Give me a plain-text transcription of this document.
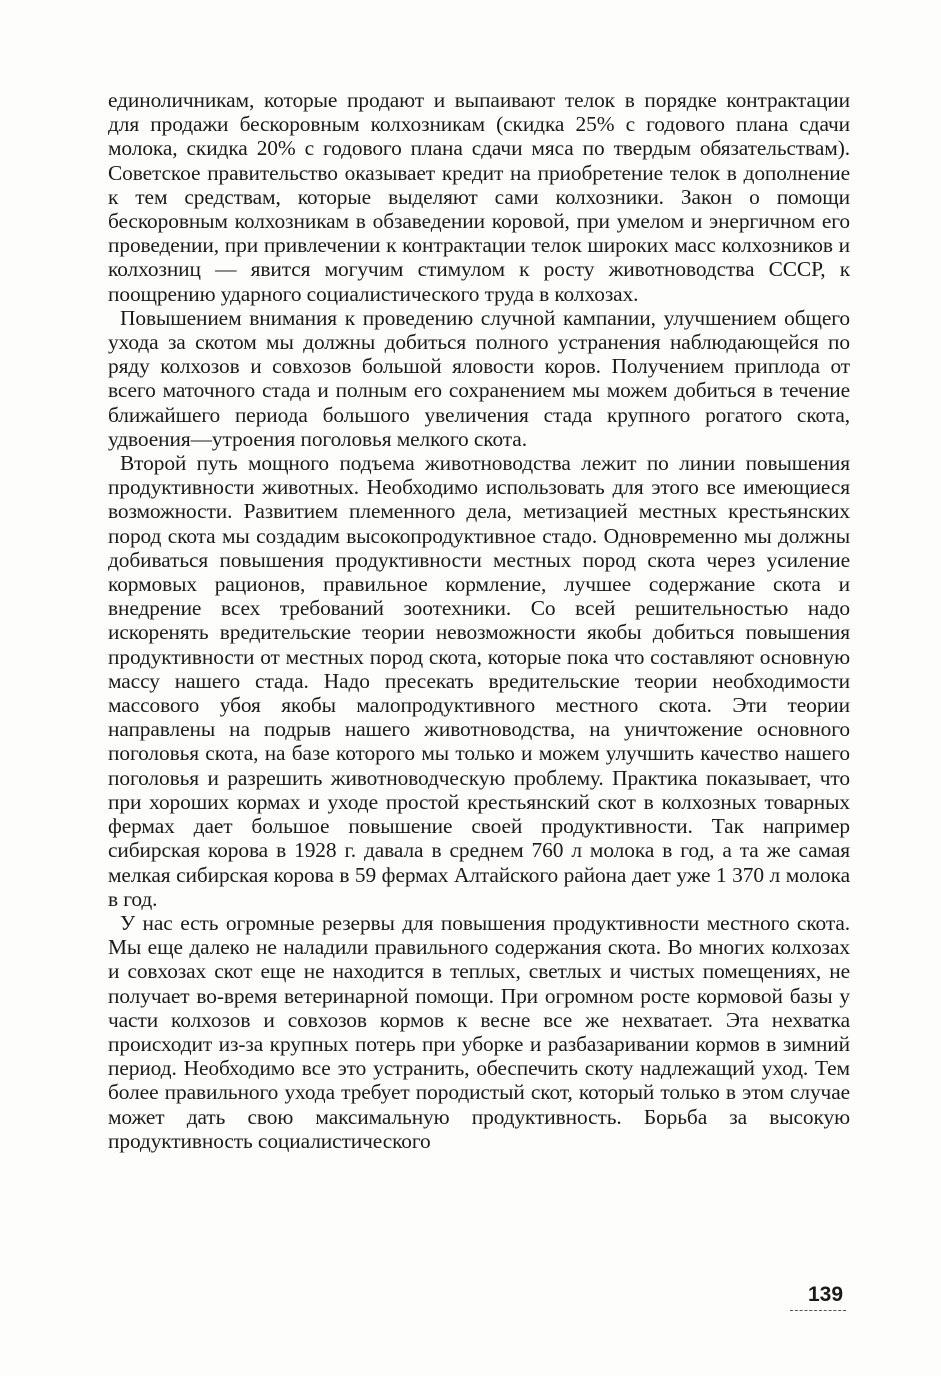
единоличникам, которые продают и выпаивают телок в порядке контрактации для продажи бескоровным колхозникам (скидка 25% с годового плана сдачи молока, скидка 20% с годового плана сдачи мяса по твердым обязательствам). Советское правительство оказывает кредит на приобретение телок в дополнение к тем средствам, которые выделяют сами колхозники. Закон о помощи бескоровным колхозникам в обзаведении коровой, при умелом и энергичном его проведении, при привлечении к контрактации телок широких масс колхозников и колхозниц — явится могучим стимулом к росту животноводства СССР, к поощрению ударного социалистического труда в колхозах.

Повышением внимания к проведению случной кампании, улучшением общего ухода за скотом мы должны добиться полного устранения наблюдающейся по ряду колхозов и совхозов большой яловости коров. Получением приплода от всего маточного стада и полным его сохранением мы можем добиться в течение ближайшего периода большого увеличения стада крупного рогатого скота, удвоения—утроения поголовья мелкого скота.

Второй путь мощного подъема животноводства лежит по линии повышения продуктивности животных. Необходимо использовать для этого все имеющиеся возможности. Развитием племенного дела, метизацией местных крестьянских пород скота мы создадим высокопродуктивное стадо. Одновременно мы должны добиваться повышения продуктивности местных пород скота через усиление кормовых рационов, правильное кормление, лучшее содержание скота и внедрение всех требований зоотехники. Со всей решительностью надо искоренять вредительские теории невозможности якобы добиться повышения продуктивности от местных пород скота, которые пока что составляют основную массу нашего стада. Надо пресекать вредительские теории необходимости массового убоя якобы малопродуктивного местного скота. Эти теории направлены на подрыв нашего животноводства, на уничтожение основного поголовья скота, на базе которого мы только и можем улучшить качество нашего поголовья и разрешить животноводческую проблему. Практика показывает, что при хороших кормах и уходе простой крестьянский скот в колхозных товарных фермах дает большое повышение своей продуктивности. Так например сибирская корова в 1928 г. давала в среднем 760 л молока в год, а та же самая мелкая сибирская корова в 59 фермах Алтайского района дает уже 1 370 л молока в год.

У нас есть огромные резервы для повышения продуктивности местного скота. Мы еще далеко не наладили правильного содержания скота. Во многих колхозах и совхозах скот еще не находится в теплых, светлых и чистых помещениях, не получает во-время ветеринарной помощи. При огромном росте кормовой базы у части колхозов и совхозов кормов к весне все же нехватает. Эта нехватка происходит из-за крупных потерь при уборке и разбазаривании кормов в зимний период. Необходимо все это устранить, обеспечить скоту надлежащий уход. Тем более правильного ухода требует породистый скот, который только в этом случае может дать свою максимальную продуктивность. Борьба за высокую продуктивность социалистического

139
